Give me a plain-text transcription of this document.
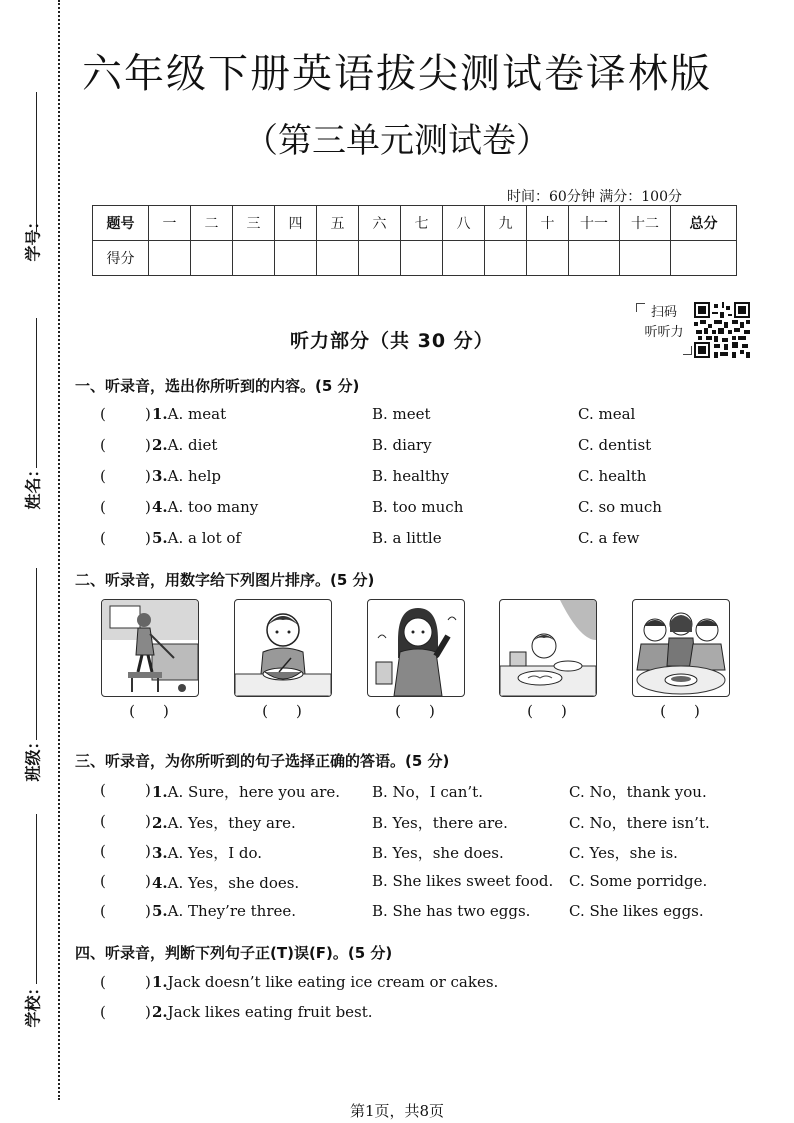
学号：
姓名：
班级：
学校：
六年级下册英语拔尖测试卷译林版
（第三单元测试卷）
时间：60分钟 满分：100分
题号	一	二	三	四	五	六	七	八	九	十	十一	十二	总分
得分													
听力部分（共 30 分）
扫码
听听力
一、听录音，选出你所听到的内容。(5 分)
(	) 1.A. meat	B. meet	C. meal
(	) 2.A. diet	B. diary	C. dentist
(	) 3.A. help	B. healthy	C. health
(	) 4.A. too many	B. too much	C. so much
(	) 5.A. a lot of	B. a little	C. a few
二、听录音，用数字给下列图片排序。(5 分)
( )	( )	( )	( )	( )
三、听录音，为你所听到的句子选择正确的答语。(5 分)
(	) 1.A. Sure，here you are. B. No，I can’t.	C. No，thank you.
(	) 2.A. Yes，they are.	B. Yes，there are.	C. No，there isn’t.
(	) 3.A. Yes，I do.	B. Yes，she does.	C. Yes，she is.
(	) 4.A. Yes，she does.	B. She likes sweet food. C. Some porridge.
(	) 5.A. They’re three.	B. She has two eggs.	C. She likes eggs.
四、听录音，判断下列句子正(T)误(F)。(5 分)
(	) 1.Jack doesn’t like eating ice cream or cakes.
(	) 2.Jack likes eating fruit best.
第1页，共8页
